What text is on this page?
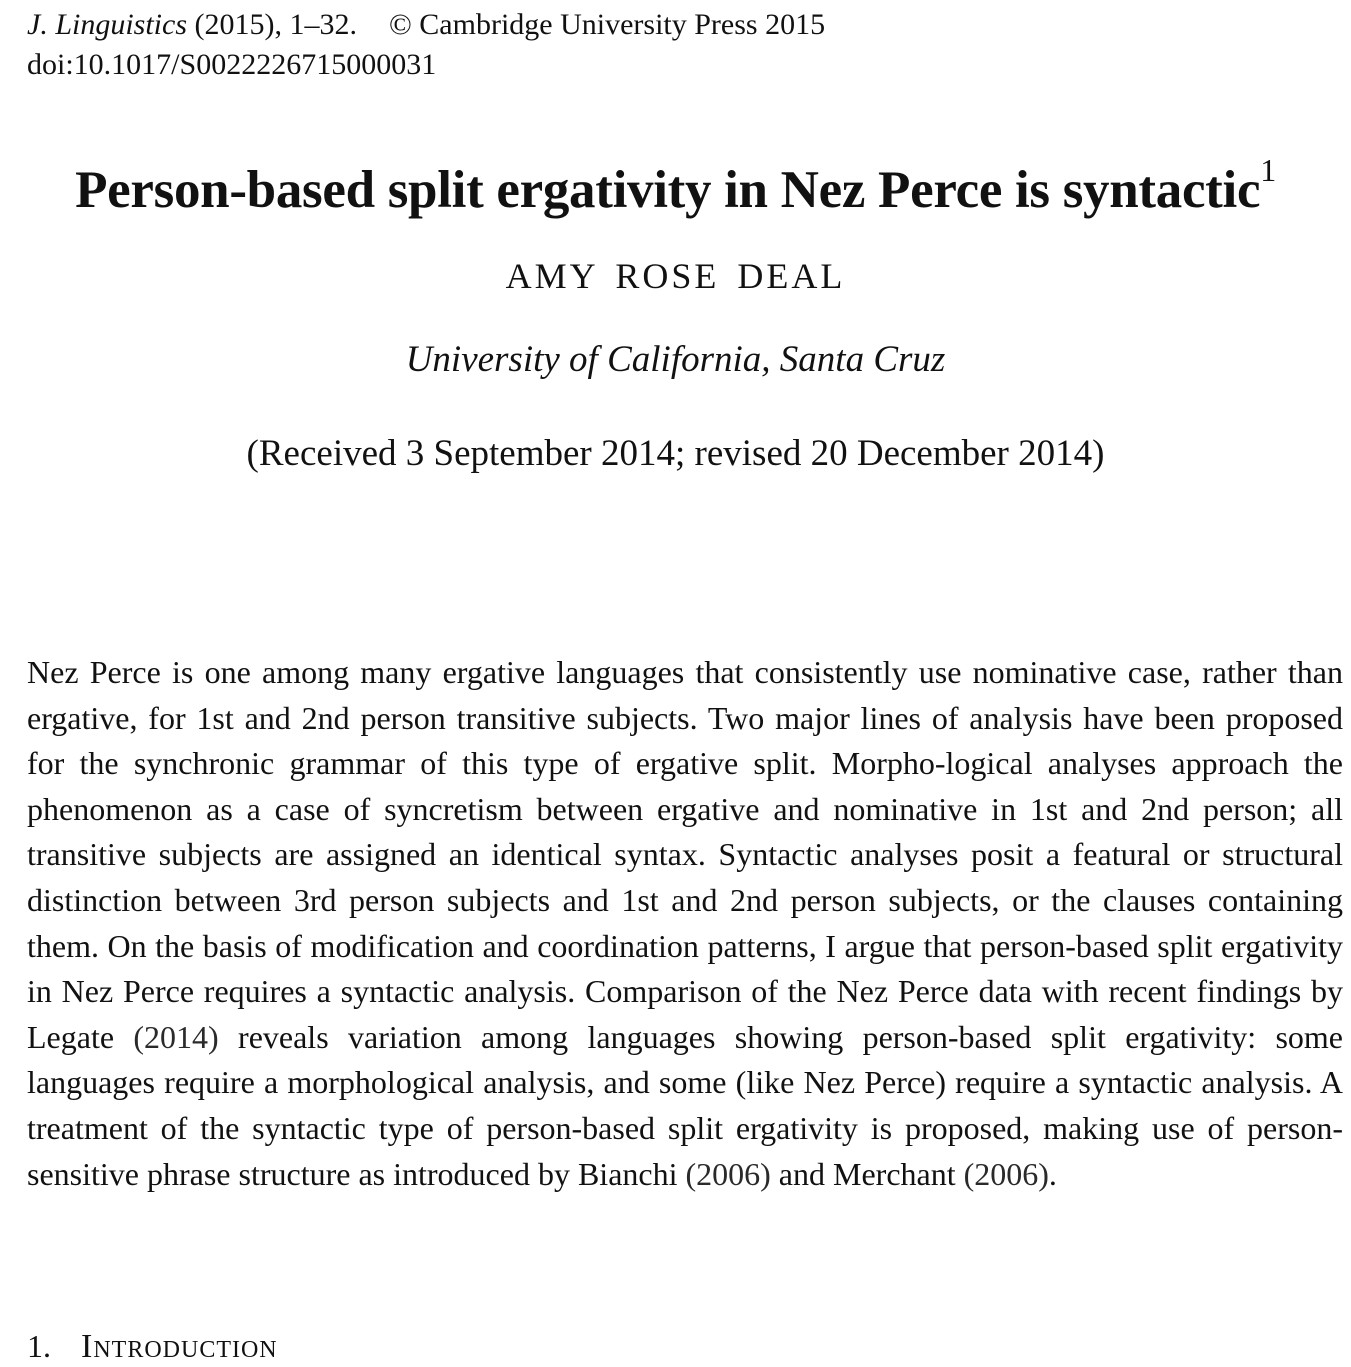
J. Linguistics (2015), 1–32. © Cambridge University Press 2015
doi:10.1017/S0022226715000031
Person-based split ergativity in Nez Perce is syntactic$^1$
AMY ROSE DEAL
University of California, Santa Cruz
(Received 3 September 2014; revised 20 December 2014)
Nez Perce is one among many ergative languages that consistently use nominative case, rather than ergative, for 1st and 2nd person transitive subjects. Two major lines of analysis have been proposed for the synchronic grammar of this type of ergative split. Morpho-logical analyses approach the phenomenon as a case of syncretism between ergative and nominative in 1st and 2nd person; all transitive subjects are assigned an identical syntax. Syntactic analyses posit a featural or structural distinction between 3rd person subjects and 1st and 2nd person subjects, or the clauses containing them. On the basis of modification and coordination patterns, I argue that person-based split ergativity in Nez Perce requires a syntactic analysis. Comparison of the Nez Perce data with recent findings by Legate (2014) reveals variation among languages showing person-based split ergativity: some languages require a morphological analysis, and some (like Nez Perce) require a syntactic analysis. A treatment of the syntactic type of person-based split ergativity is proposed, making use of person-sensitive phrase structure as introduced by Bianchi (2006) and Merchant (2006).
1. Introduction
